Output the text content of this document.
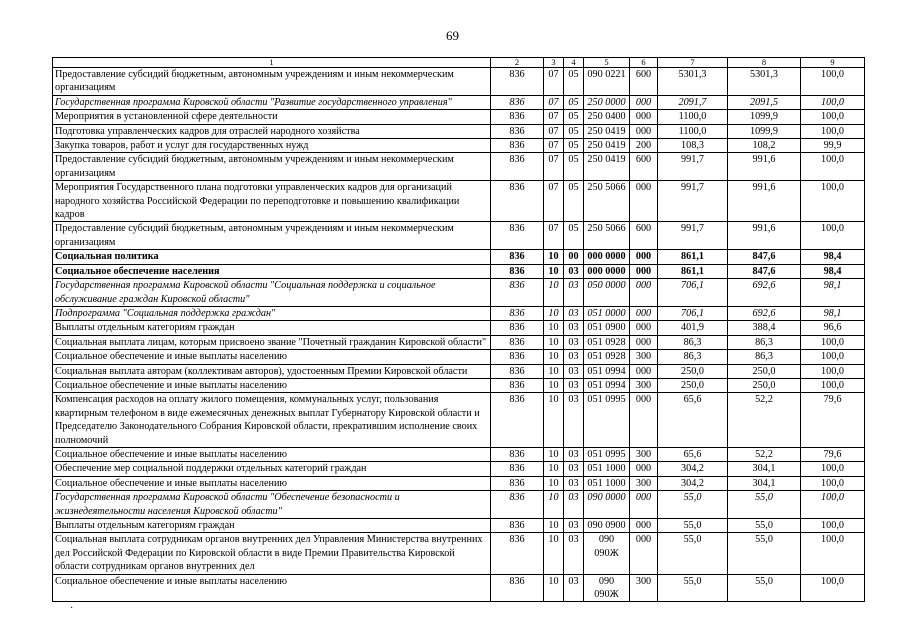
69
1	2	3	4	5	6	7	8	9
Предоставление субсидий бюджетным, автономным учреждениям и иным некоммерческим организациям	836	07	05	090 0221	600	5301,3	5301,3	100,0
Государственная программа Кировской области "Развитие государственного управления"	836	07	05	250 0000	000	2091,7	2091,5	100,0
Мероприятия в установленной сфере деятельности	836	07	05	250 0400	000	1100,0	1099,9	100,0
Подготовка управленческих кадров для отраслей народного хозяйства	836	07	05	250 0419	000	1100,0	1099,9	100,0
Закупка товаров, работ и услуг для государственных нужд	836	07	05	250 0419	200	108,3	108,2	99,9
Предоставление субсидий бюджетным, автономным учреждениям и иным некоммерческим организациям	836	07	05	250 0419	600	991,7	991,6	100,0
Мероприятия Государственного плана подготовки управленческих кадров для организаций народного хозяйства Российской Федерации по переподготовке и повышению квалификации кадров	836	07	05	250 5066	000	991,7	991,6	100,0
Предоставление субсидий бюджетным, автономным учреждениям и иным некоммерческим организациям	836	07	05	250 5066	600	991,7	991,6	100,0
Социальная политика	836	10	00	000 0000	000	861,1	847,6	98,4
Социальное обеспечение населения	836	10	03	000 0000	000	861,1	847,6	98,4
Государственная программа Кировской области "Социальная поддержка и социальное обслуживание граждан Кировской области"	836	10	03	050 0000	000	706,1	692,6	98,1
Подпрограмма "Социальная поддержка граждан"	836	10	03	051 0000	000	706,1	692,6	98,1
Выплаты отдельным категориям граждан	836	10	03	051 0900	000	401,9	388,4	96,6
Социальная выплата лицам, которым присвоено звание "Почетный гражданин Кировской области"	836	10	03	051 0928	000	86,3	86,3	100,0
Социальное обеспечение и иные выплаты населению	836	10	03	051 0928	300	86,3	86,3	100,0
Социальная выплата авторам (коллективам авторов), удостоенным Премии Кировской области	836	10	03	051 0994	000	250,0	250,0	100,0
Социальное обеспечение и иные выплаты населению	836	10	03	051 0994	300	250,0	250,0	100,0
Компенсация расходов на оплату жилого помещения, коммунальных услуг, пользования квартирным телефоном в виде ежемесячных денежных выплат Губернатору Кировской области и Председателю Законодательного Собрания Кировской области, прекратившим исполнение своих полномочий	836	10	03	051 0995	000	65,6	52,2	79,6
Социальное обеспечение и иные выплаты населению	836	10	03	051 0995	300	65,6	52,2	79,6
Обеспечение мер социальной поддержки отдельных категорий граждан	836	10	03	051 1000	000	304,2	304,1	100,0
Социальное обеспечение и иные выплаты населению	836	10	03	051 1000	300	304,2	304,1	100,0
Государственная программа Кировской области "Обеспечение безопасности и жизнедеятельности населения Кировской области"	836	10	03	090 0000	000	55,0	55,0	100,0
Выплаты отдельным категориям граждан	836	10	03	090 0900	000	55,0	55,0	100,0
Социальная выплата сотрудникам органов внутренних дел Управления Министерства внутренних дел Российской Федерации по Кировской области в виде Премии Правительства Кировской области сотрудникам органов внутренних дел	836	10	03	090 090Ж	000	55,0	55,0	100,0
Социальное обеспечение и иные выплаты населению	836	10	03	090 090Ж	300	55,0	55,0	100,0
·
